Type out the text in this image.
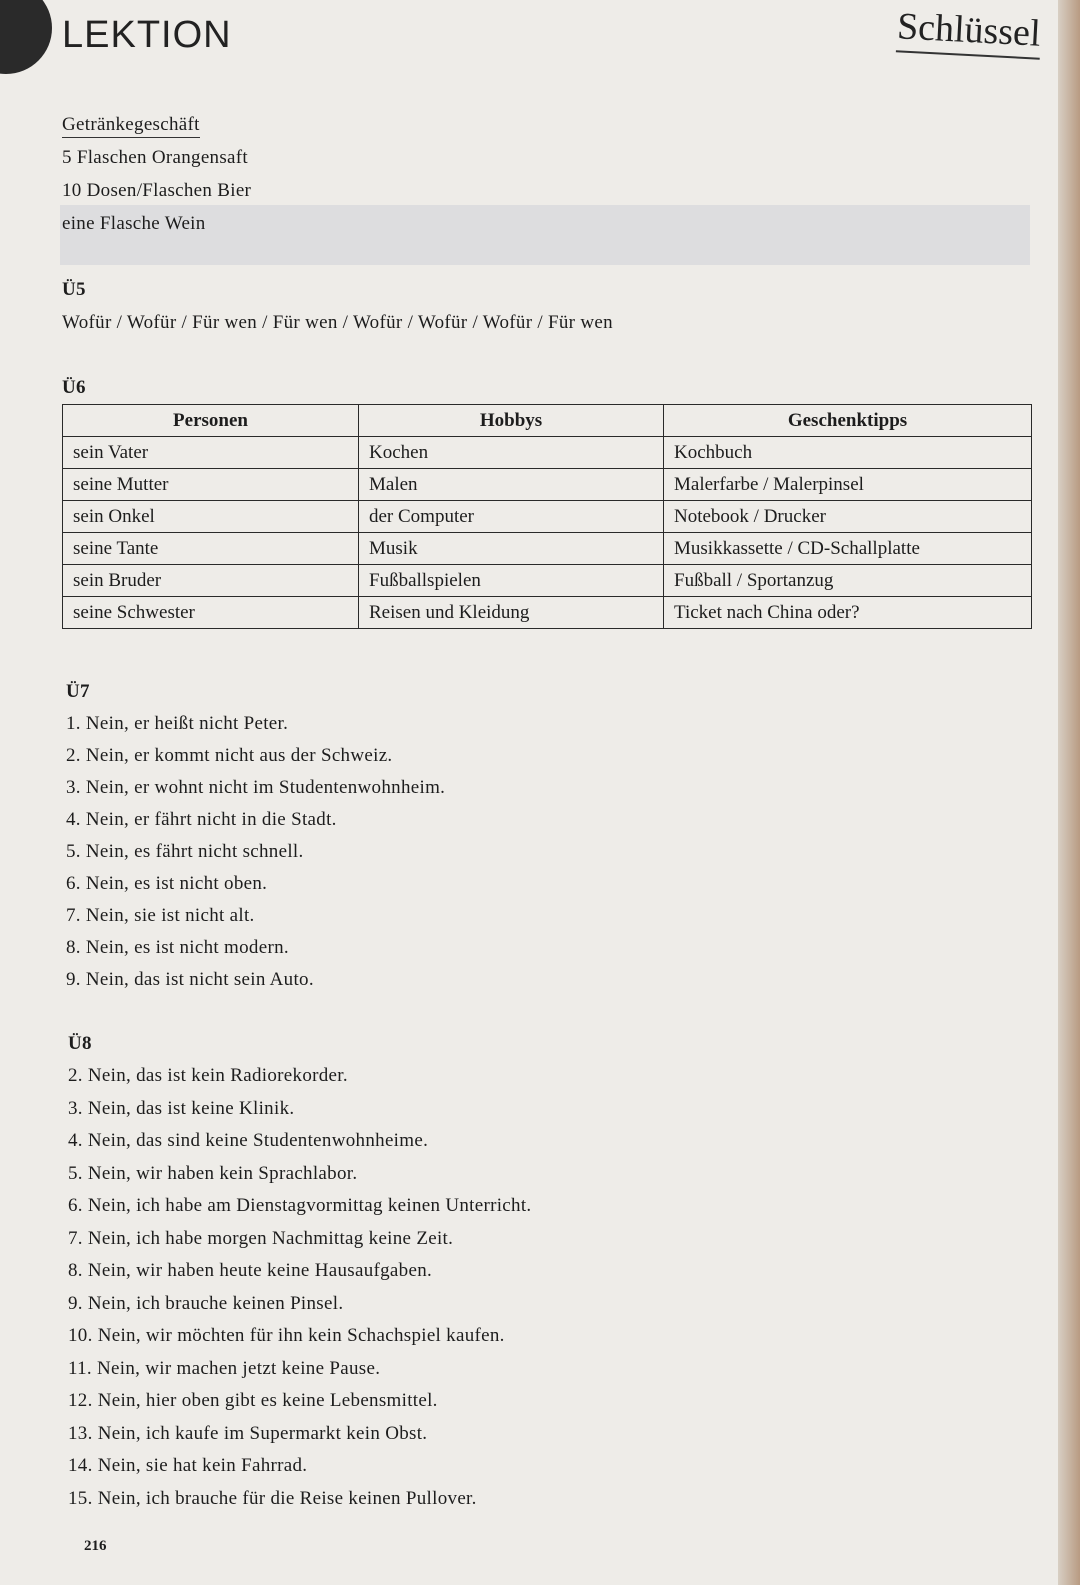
LEKTION	Schlüssel
Getränkegeschäft
5 Flaschen Orangensaft
10 Dosen/Flaschen Bier
eine Flasche Wein
Ü5
Wofür / Wofür / Für wen / Für wen / Wofür / Wofür / Wofür / Für wen
Ü6
Personen	Hobbys	Geschenktipps
sein Vater	Kochen	Kochbuch
seine Mutter	Malen	Malerfarbe / Malerpinsel
sein Onkel	der Computer	Notebook / Drucker
seine Tante	Musik	Musikkassette / CD-Schallplatte
sein Bruder	Fußballspielen	Fußball / Sportanzug
seine Schwester	Reisen und Kleidung	Ticket nach China oder?
Ü7
1. Nein, er heißt nicht Peter.
2. Nein, er kommt nicht aus der Schweiz.
3. Nein, er wohnt nicht im Studentenwohnheim.
4. Nein, er fährt nicht in die Stadt.
5. Nein, es fährt nicht schnell.
6. Nein, es ist nicht oben.
7. Nein, sie ist nicht alt.
8. Nein, es ist nicht modern.
9. Nein, das ist nicht sein Auto.
Ü8
2. Nein, das ist kein Radiorekorder.
3. Nein, das ist keine Klinik.
4. Nein, das sind keine Studentenwohnheime.
5. Nein, wir haben kein Sprachlabor.
6. Nein, ich habe am Dienstagvormittag keinen Unterricht.
7. Nein, ich habe morgen Nachmittag keine Zeit.
8. Nein, wir haben heute keine Hausaufgaben.
9. Nein, ich brauche keinen Pinsel.
10. Nein, wir möchten für ihn kein Schachspiel kaufen.
11. Nein, wir machen jetzt keine Pause.
12. Nein, hier oben gibt es keine Lebensmittel.
13. Nein, ich kaufe im Supermarkt kein Obst.
14. Nein, sie hat kein Fahrrad.
15. Nein, ich brauche für die Reise keinen Pullover.
216
